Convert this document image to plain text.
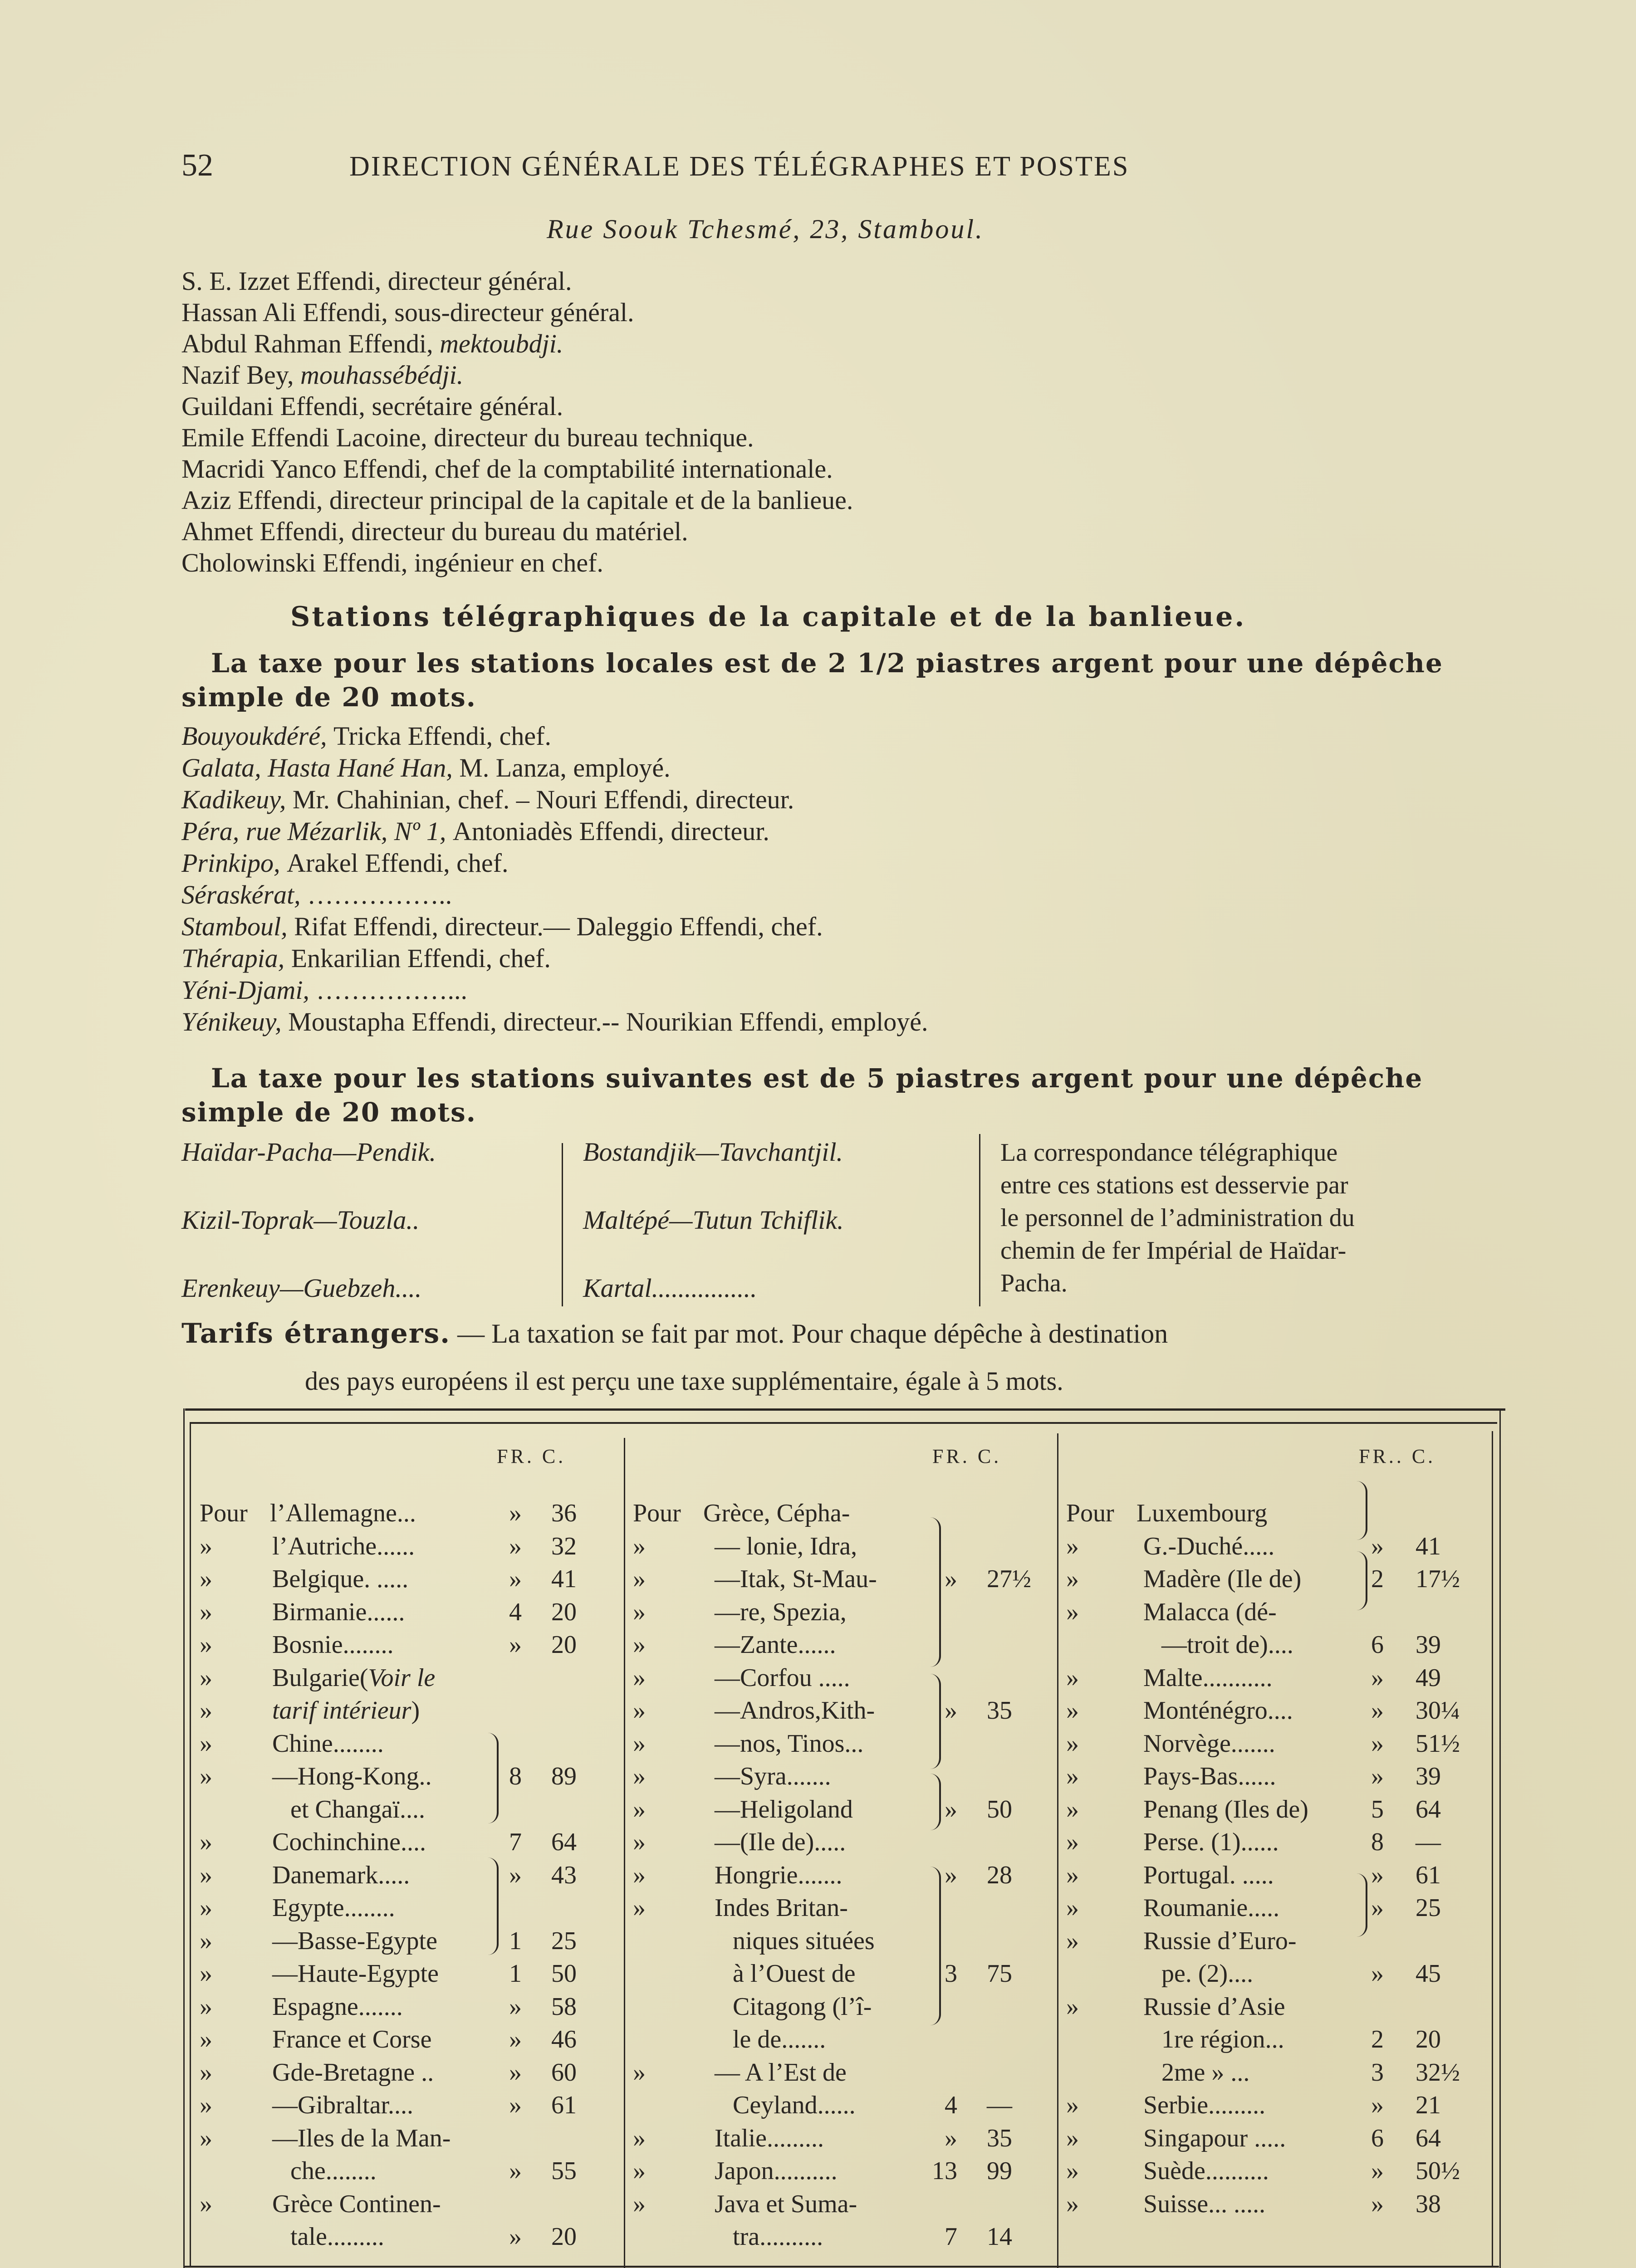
52	DIRECTION GÉNÉRALE DES TÉLÉGRAPHES ET POSTES
Rue Soouk Tchesmé, 23, Stamboul.
S. E. Izzet Effendi, directeur général.
Hassan Ali Effendi, sous-directeur général.
Abdul Rahman Effendi, mektoubdji.
Nazif Bey, mouhassébédji.
Guildani Effendi, secrétaire général.
Emile Effendi Lacoine, directeur du bureau technique.
Macridi Yanco Effendi, chef de la comptabilité internationale.
Aziz Effendi, directeur principal de la capitale et de la banlieue.
Ahmet Effendi, directeur du bureau du matériel.
Cholowinski Effendi, ingénieur en chef.
Stations télégraphiques de la capitale et de la banlieue.
La taxe pour les stations locales est de 2 1/2 piastres argent pour une dépêche
simple de 20 mots.
Bouyoukdéré, Tricka Effendi, chef.
Galata, Hasta Hané Han, M. Lanza, employé.
Kadikeuy, Mr. Chahinian, chef. – Nouri Effendi, directeur.
Péra, rue Mézarlik, Nº 1, Antoniadès Effendi, directeur.
Prinkipo, Arakel Effendi, chef.
Séraskérat, ……………..
Stamboul, Rifat Effendi, directeur.— Daleggio Effendi, chef.
Thérapia, Enkarilian Effendi, chef.
Yéni-Djami, ……………...
Yénikeuy, Moustapha Effendi, directeur.-- Nourikian Effendi, employé.
La taxe pour les stations suivantes est de 5 piastres argent pour une dépêche
simple de 20 mots.
Haïdar-Pacha—Pendik.
Kizil-Toprak—Touzla..
Erenkeuy—Guebzeh....
Bostandjik—Tavchantjil.
Maltépé—Tutun Tchiflik.
Kartal................
La correspondance télégraphique
entre ces stations est desservie par
le personnel de l’administration du
chemin de fer Impérial de Haïdar-
Pacha.
Tarifs étrangers. — La taxation se fait par mot. Pour chaque dépêche à destination
des pays européens il est perçu une taxe supplémentaire, égale à 5 mots.
FR. C.	FR. C.	FR.. C.
Pour l’Allemagne...	» 36
» l’Autriche......	» 32
» Belgique. .....	» 41
» Birmanie......	4 20
» Bosnie........	» 20
» Bulgarie(Voir le
» tarif intérieur)
» Chine........
» —Hong-Kong..	8 89
et Changaï....
» Cochinchine....	7 64
» Danemark.....	» 43
» Egypte........
» —Basse-Egypte	1 25
» —Haute-Egypte	1 50
» Espagne.......	» 58
» France et Corse	» 46
» Gde-Bretagne ..	» 60
» —Gibraltar....	» 61
» —Iles de la Man-
che........	» 55
» Grèce Continen-
tale.........	» 20
Pour Grèce, Cépha-
»	— lonie, Idra,
»	—Itak, St-Mau-	» 27½
»	—re, Spezia,
»	—Zante......
»	—Corfou .....
»	—Andros,Kith-	» 35
»	—nos, Tinos...
»	—Syra.......
»	—Heligoland	» 50
»	—(Ile de).....
»	Hongrie.......	» 28
»	Indes Britan-
niques situées
à l’Ouest de	3 75
Citagong (l’î-
le de.......
»	— A l’Est de
Ceyland......	4 —
»	Italie.........	» 35
»	Japon..........	13 99
»	Java et Suma-
tra..........	7 14
Pour Luxembourg
»	G.-Duché.....	» 41
»	Madère (Ile de)	2 17½
»	Malacca (dé-
—troit de)....	6 39
»	Malte...........	» 49
»	Monténégro....	» 30¼
»	Norvège.......	» 51½
»	Pays-Bas......	» 39
»	Penang (Iles de)	5 64
»	Perse. (1)......	8 —
»	Portugal. .....	» 61
»	Roumanie.....	» 25
»	Russie d’Euro-
pe. (2)....	» 45
»	Russie d’Asie
1re région...	2 20
2me » ...	3 32½
»	Serbie.........	» 21
»	Singapour .....	6 64
»	Suède..........	» 50½
»	Suisse... .....	» 38
